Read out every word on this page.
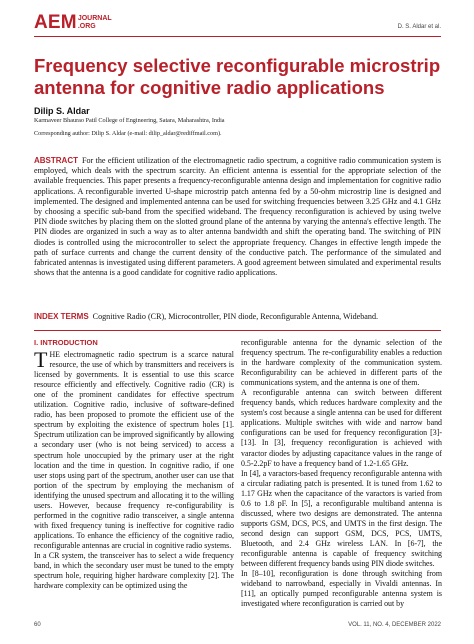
AEM JOURNAL
.ORG	D. S. Aldar et al.
Frequency selective reconfigurable microstrip
antenna for cognitive radio applications
Dilip S. Aldar
Karmaveer Bhaurao Patil College of Engineering, Satara, Maharashtra, India
Corresponding author: Dilip S. Aldar (e-mail: dilip_aldar@rediffmail.com).
ABSTRACT For the efficient utilization of the electromagnetic radio spectrum, a cognitive radio communication system is employed, which deals with the spectrum scarcity. An efficient antenna is essential for the appropriate selection of the available frequencies. This paper presents a frequency-reconfigurable antenna design and implementation for cognitive radio applications. A reconfigurable inverted U-shape microstrip patch antenna fed by a 50-ohm microstrip line is designed and implemented. The designed and implemented antenna can be used for switching frequencies between 3.25 GHz and 4.1 GHz by choosing a specific sub-band from the specified wideband. The frequency reconfiguration is achieved by using twelve PIN diode switches by placing them on the slotted ground plane of the antenna by varying the antenna's effective length. The PIN diodes are organized in such a way as to alter antenna bandwidth and shift the operating band. The switching of PIN diodes is controlled using the microcontroller to select the appropriate frequency. Changes in effective length impede the path of surface currents and change the current density of the conductive patch. The performance of the simulated and fabricated antennas is investigated using different parameters. A good agreement between simulated and experimental results shows that the antenna is a good candidate for cognitive radio applications.
INDEX TERMS Cognitive Radio (CR), Microcontroller, PIN diode, Reconfigurable Antenna, Wideband.
I. INTRODUCTION

THE electromagnetic radio spectrum is a scarce natural resource, the use of which by transmitters and receivers is licensed by governments. It is essential to use this scarce resource efficiently and effectively. Cognitive radio (CR) is one of the prominent candidates for effective spectrum utilization. Cognitive radio, inclusive of software-defined radio, has been proposed to promote the efficient use of the spectrum by exploiting the existence of spectrum holes [1]. Spectrum utilization can be improved significantly by allowing a secondary user (who is not being serviced) to access a spectrum hole unoccupied by the primary user at the right location and the time in question. In cognitive radio, if one user stops using part of the spectrum, another user can use that portion of the spectrum by employing the mechanism of identifying the unused spectrum and allocating it to the willing users. However, because frequency re-configurability is performed in the cognitive radio transceiver, a single antenna with fixed frequency tuning is ineffective for cognitive radio applications. To enhance the efficiency of the cognitive radio, reconfigurable antennas are crucial in cognitive radio systems.

In a CR system, the transceiver has to select a wide frequency band, in which the secondary user must be tuned to the empty spectrum hole, requiring higher hardware complexity [2]. The hardware complexity can be optimized using the

reconfigurable antenna for the dynamic selection of the frequency spectrum. The re-configurability enables a reduction in the hardware complexity of the communication system. Reconfigurability can be achieved in different parts of the communications system, and the antenna is one of them.

A reconfigurable antenna can switch between different frequency bands, which reduces hardware complexity and the system's cost because a single antenna can be used for different applications. Multiple switches with wide and narrow band configurations can be used for frequency reconfiguration [3]-[13]. In [3], frequency reconfiguration is achieved with varactor diodes by adjusting capacitance values in the range of 0.5-2.2pF to have a frequency band of 1.2-1.65 GHz.

In [4], a varactors-based frequency reconfigurable antenna with a circular radiating patch is presented. It is tuned from 1.62 to 1.17 GHz when the capacitance of the varactors is varied from 0.6 to 1.8 pF. In [5], a reconfigurable multiband antenna is discussed, where two designs are demonstrated. The antenna supports GSM, DCS, PCS, and UMTS in the first design. The second design can support GSM, DCS, PCS, UMTS, Bluetooth, and 2.4 GHz wireless LAN. In [6-7], the reconfigurable antenna is capable of frequency switching between different frequency bands using PIN diode switches.

In [8–10], reconfiguration is done through switching from wideband to narrowband, especially in Vivaldi antennas. In [11], an optically pumped reconfigurable antenna system is investigated where reconfiguration is carried out by

60	VOL. 11, NO. 4, DECEMBER 2022
